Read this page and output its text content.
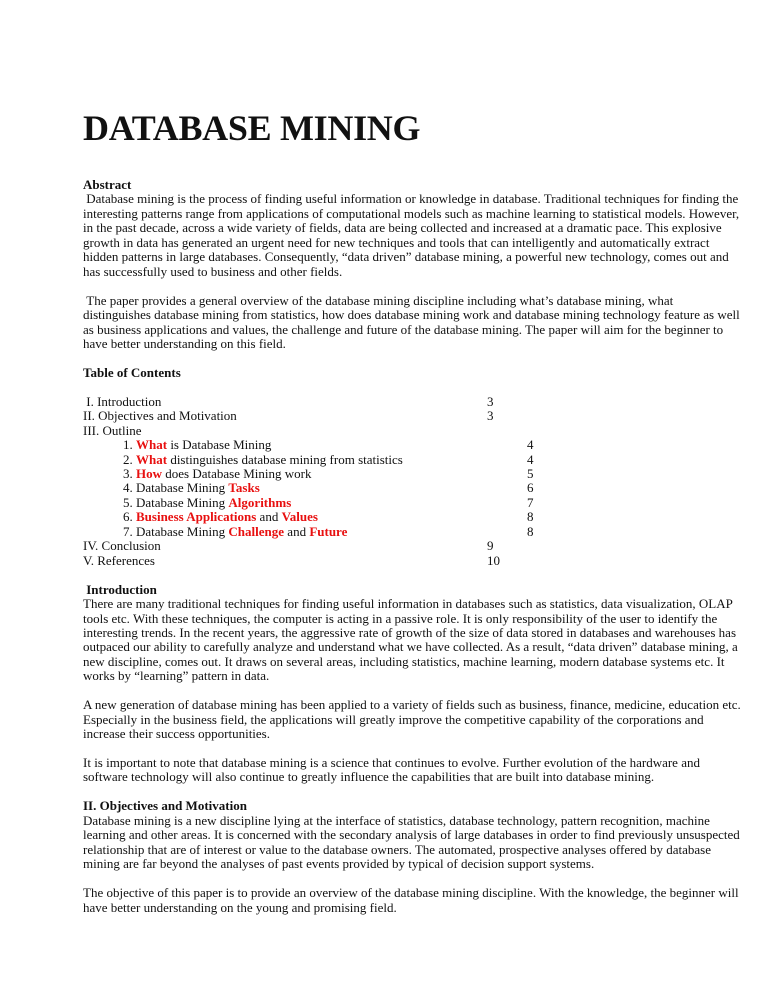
DATABASE MINING
Abstract

Database mining is the process of finding useful information or knowledge in database. Traditional techniques for finding the interesting patterns range from applications of computational models such as machine learning to statistical models. However, in the past decade, across a wide variety of fields, data are being collected and increased at a dramatic pace. This explosive growth in data has generated an urgent need for new techniques and tools that can intelligently and automatically extract hidden patterns in large databases. Consequently, “data driven” database mining, a powerful new technology, comes out and has successfully used to business and other fields.

The paper provides a general overview of the database mining discipline including what’s database mining, what distinguishes database mining from statistics, how does database mining work and database mining technology feature as well as business applications and values, the challenge and future of the database mining. The paper will aim for the beginner to have better understanding on this field.

Table of Contents
I. Introduction	3
II. Objectives and Motivation	3
III. Outline
1. What is Database Mining	4
2. What distinguishes database mining from statistics	4
3. How does Database Mining work	5
4. Database Mining Tasks	6
5. Database Mining Algorithms	7
6. Business Applications and Values	8
7. Database Mining Challenge and Future	8
IV. Conclusion	9
V. References	10
Introduction

There are many traditional techniques for finding useful information in databases such as statistics, data visualization, OLAP tools etc. With these techniques, the computer is acting in a passive role. It is only responsibility of the user to identify the interesting trends. In the recent years, the aggressive rate of growth of the size of data stored in databases and warehouses has outpaced our ability to carefully analyze and understand what we have collected. As a result, “data driven” database mining, a new discipline, comes out. It draws on several areas, including statistics, machine learning, modern database systems etc. It works by “learning” pattern in data.

A new generation of database mining has been applied to a variety of fields such as business, finance, medicine, education etc. Especially in the business field, the applications will greatly improve the competitive capability of the corporations and increase their success opportunities.

It is important to note that database mining is a science that continues to evolve. Further evolution of the hardware and software technology will also continue to greatly influence the capabilities that are built into database mining.

II. Objectives and Motivation

Database mining is a new discipline lying at the interface of statistics, database technology, pattern recognition, machine learning and other areas. It is concerned with the secondary analysis of large databases in order to find previously unsuspected relationship that are of interest or value to the database owners. The automated, prospective analyses offered by database mining are far beyond the analyses of past events provided by typical of decision support systems.

The objective of this paper is to provide an overview of the database mining discipline. With the knowledge, the beginner will have better understanding on the young and promising field.
